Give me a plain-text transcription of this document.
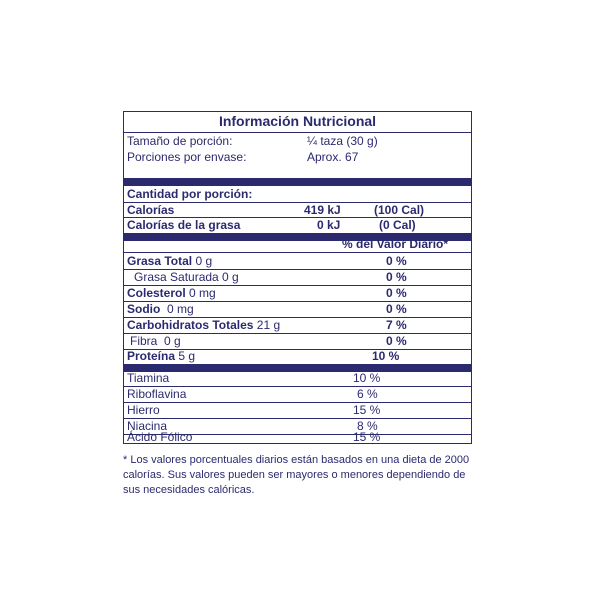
Información Nutricional
Tamaño de porción:	¼ taza (30 g)
Porciones por envase:	Aprox. 67
Cantidad por porción:
Calorías	419 kJ	(100 Cal)
Calorías de la grasa	0 kJ	(0 Cal)
% del Valor Diario*
Grasa Total 0 g	0 %
Grasa Saturada 0 g	0 %
Colesterol 0 mg	0 %
Sodio  0 mg	0 %
Carbohidratos Totales 21 g	7 %
Fibra  0 g	0 %
Proteína 5 g	10 %
Tiamina	10 %
Riboflavina	6 %
Hierro	15 %
Niacina	8 %
Ácido Fólico	15 %
* Los valores porcentuales diarios están basados en una dieta de 2000 calorías. Sus valores pueden ser mayores o menores dependiendo de sus necesidades calóricas.
